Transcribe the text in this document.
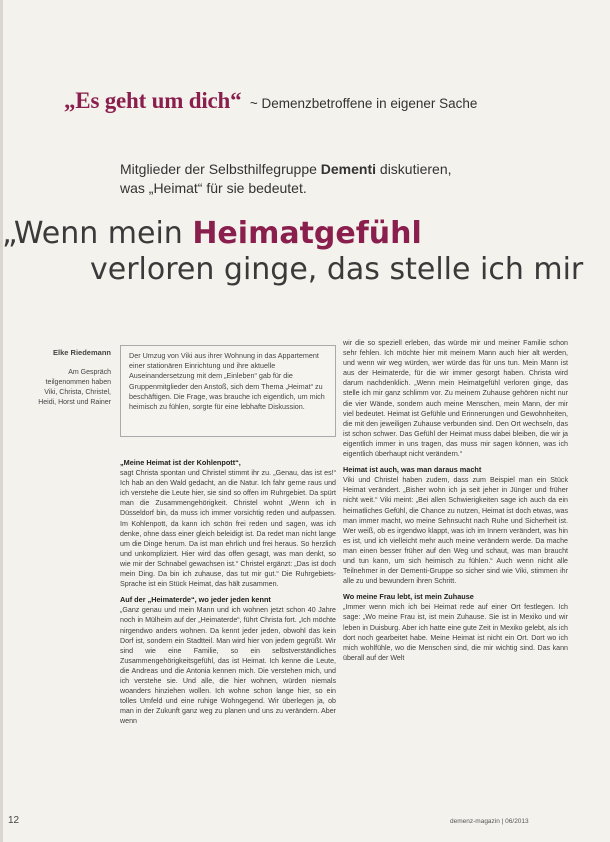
„Es geht um dich“ ~ Demenzbetroffene in eigener Sache

Mitglieder der Selbsthilfegruppe Dementi diskutieren,

was „Heimat“ für sie bedeutet.

„Wenn mein Heimatgefühl
verloren ginge, das stelle ich mir
Elke Riedemann
Am Gespräch teilgenommen haben Viki, Christa, Christel, Heidi, Horst und Rainer
Der Umzug von Viki aus ihrer Wohnung in das Appartement einer stationären Einrichtung und ihre aktuelle Auseinandersetzung mit dem „Einleben“ gab für die Gruppenmitglieder den Anstoß, sich dem Thema „Heimat“ zu beschäftigen. Die Frage, was brauche ich eigentlich, um mich heimisch zu fühlen, sorgte für eine lebhafte Diskussion.

„Meine Heimat ist der Kohlenpott“,

sagt Christa spontan und Christel stimmt ihr zu. „Genau, das ist es!“ Ich hab an den Wald gedacht, an die Natur. Ich fahr gerne raus und ich verstehe die Leute hier, sie sind so offen im Ruhrgebiet. Da spürt man die Zusammengehörigkeit. Christel wohnt „Wenn ich in Düsseldorf bin, da muss ich immer vorsichtig reden und aufpassen. Im Kohlenpott, da kann ich schön frei reden und sagen, was ich denke, ohne dass einer gleich beleidigt ist. Da redet man nicht lange um die Dinge herum. Da ist man ehrlich und frei heraus. So herzlich und unkompliziert. Hier wird das offen gesagt, was man denkt, so wie mir der Schnabel gewachsen ist.“ Christel ergänzt: „Das ist doch mein Ding. Da bin ich zuhause, das tut mir gut.“ Die Ruhrgebiets-Sprache ist ein Stück Heimat, das hält zusammen.

Auf der „Heimaterde“, wo jeder jeden kennt

„Ganz genau und mein Mann und ich wohnen jetzt schon 40 Jahre noch in Mülheim auf der „Heimaterde“, führt Christa fort. „Ich möchte nirgendwo anders wohnen. Da kennt jeder jeden, obwohl das kein Dorf ist, sondern ein Stadtteil. Man wird hier von jedem gegrüßt. Wir sind wie eine Familie, so ein selbstverständliches Zusammengehörigkeitsgefühl, das ist Heimat. Ich kenne die Leute, die Andreas und die Antonia kennen mich. Die verstehen mich, und ich verstehe sie. Und alle, die hier wohnen, würden niemals woanders hinziehen wollen. Ich wohne schon lange hier, so ein tolles Umfeld und eine ruhige Wohngegend. Wir überlegen ja, ob man in der Zukunft ganz weg zu planen und uns zu verändern. Aber wenn

wir die so speziell erleben, das würde mir und meiner Familie schon sehr fehlen. Ich möchte hier mit meinem Mann auch hier alt werden, und wenn wir weg würden, wer würde das für uns tun. Mein Mann ist aus der Heimaterde, für die wir immer gesorgt haben. Christa wird darum nachdenklich. „Wenn mein Heimatgefühl verloren ginge, das stelle ich mir ganz schlimm vor. Zu meinem Zuhause gehören nicht nur die vier Wände, sondern auch meine Menschen, mein Mann, der mir viel bedeutet. Heimat ist Gefühle und Erinnerungen und Gewohnheiten, die mit den jeweiligen Zuhause verbunden sind. Den Ort wechseln, das ist schon schwer. Das Gefühl der Heimat muss dabei bleiben, die wir ja eigentlich immer in uns tragen, das muss mir sagen können, was ich eigentlich überhaupt nicht verändern.“

Heimat ist auch, was man daraus macht

Viki und Christel haben zudem, dass zum Beispiel man ein Stück Heimat verändert. „Bisher wohn ich ja seit jeher in Jünger und früher nicht weit.“ Viki meint: „Bei allen Schwierigkeiten sage ich auch da ein heimatliches Gefühl, die Chance zu nutzen, Heimat ist doch etwas, was man immer macht, wo meine Sehnsucht nach Ruhe und Sicherheit ist. Wer weiß, ob es irgendwo klappt, was ich im Innern verändert, was hin es ist, und ich vielleicht mehr auch meine verändern werde. Da mache man einen besser früher auf den Weg und schaut, was man braucht und tun kann, um sich heimisch zu fühlen.“ Auch wenn nicht alle Teilnehmer in der Dementi-Gruppe so sicher sind wie Viki, stimmen ihr alle zu und bewundern ihren Schritt.

Wo meine Frau lebt, ist mein Zuhause

„Immer wenn mich ich bei Heimat rede auf einer Ort festlegen. Ich sage: „Wo meine Frau ist, ist mein Zuhause. Sie ist in Mexiko und wir leben in Duisburg. Aber ich hatte eine gute Zeit in Mexiko gelebt, als ich dort noch gearbeitet habe. Meine Heimat ist nicht ein Ort. Dort wo ich mich wohlfühle, wo die Menschen sind, die mir wichtig sind. Das kann überall auf der Welt

12	demenz-magazin | 06/2013
